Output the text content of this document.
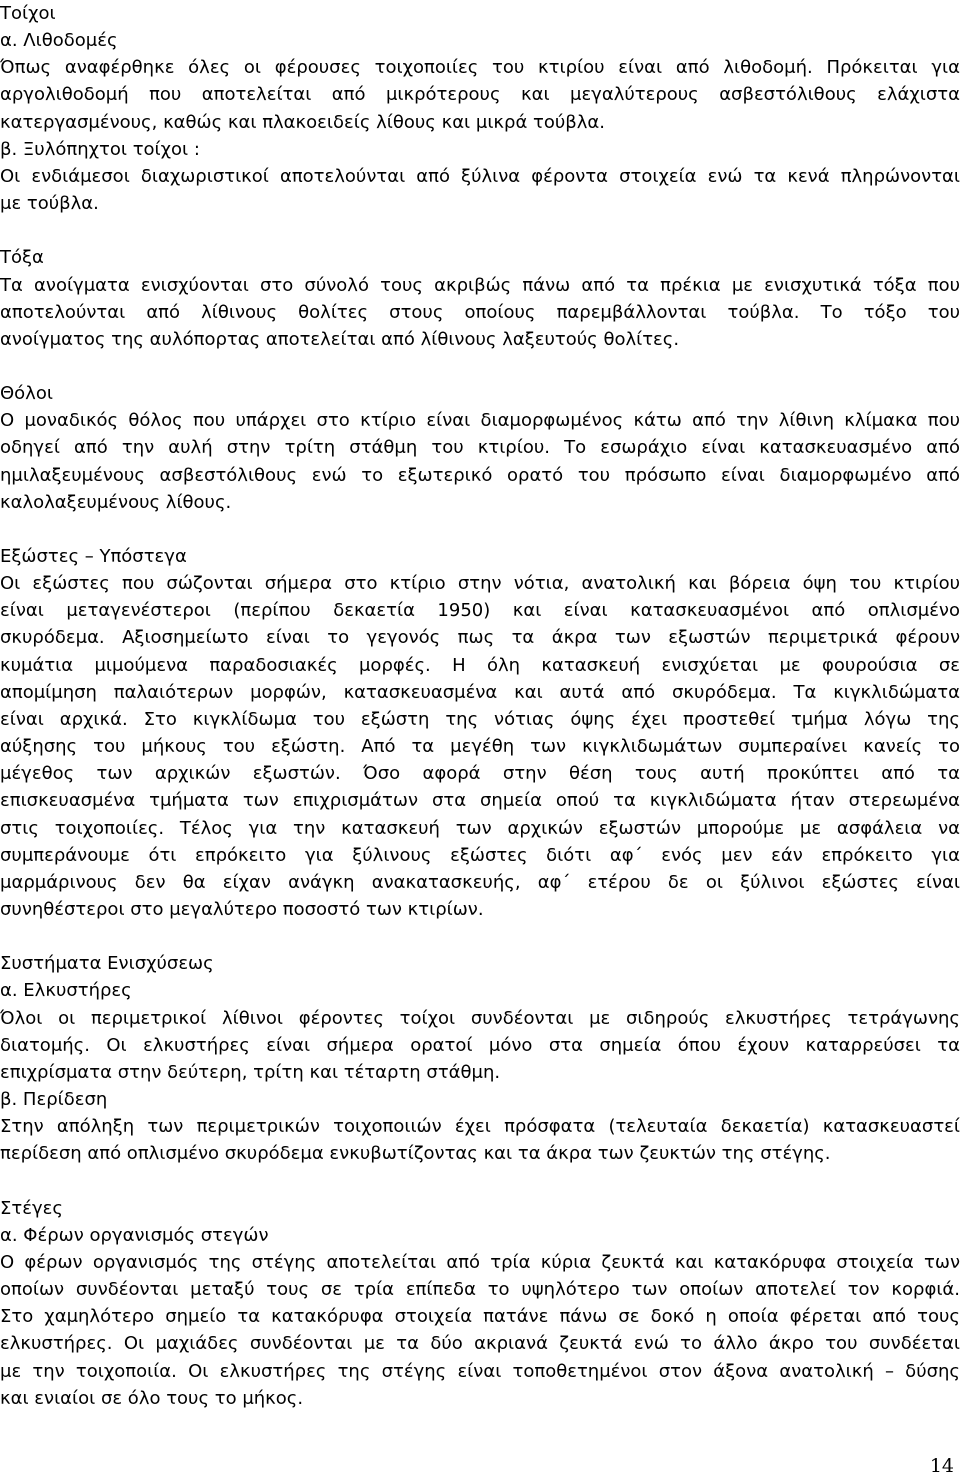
Τοίχοι
α. Λιθοδομές
Όπως αναφέρθηκε όλες οι φέρουσες τοιχοποιίες του κτιρίου είναι από λιθοδομή. Πρόκειται για
αργολιθοδομή που αποτελείται από μικρότερους και μεγαλύτερους ασβεστόλιθους ελάχιστα
κατεργασμένους, καθώς και πλακοειδείς λίθους και μικρά τούβλα.
β. Ξυλόπηχτοι τοίχοι :
Οι ενδιάμεσοι διαχωριστικοί αποτελούνται από ξύλινα φέροντα στοιχεία ενώ τα κενά πληρώνονται
με τούβλα.
Τόξα
Τα ανοίγματα ενισχύονται στο σύνολό τους ακριβώς πάνω από τα πρέκια με ενισχυτικά τόξα που
αποτελούνται από λίθινους θολίτες στους οποίους παρεμβάλλονται τούβλα. Το τόξο του
ανοίγματος της αυλόπορτας αποτελείται από λίθινους λαξευτούς θολίτες.
Θόλοι
Ο μοναδικός θόλος που υπάρχει στο κτίριο είναι διαμορφωμένος κάτω από την λίθινη κλίμακα που
οδηγεί από την αυλή στην τρίτη στάθμη του κτιρίου. Το εσωράχιο είναι κατασκευασμένο από
ημιλαξευμένους ασβεστόλιθους ενώ το εξωτερικό ορατό του πρόσωπο είναι διαμορφωμένο από
καλολαξευμένους λίθους.
Εξώστες – Υπόστεγα
Οι εξώστες που σώζονται σήμερα στο κτίριο στην νότια, ανατολική και βόρεια όψη του κτιρίου
είναι μεταγενέστεροι (περίπου δεκαετία 1950) και είναι κατασκευασμένοι από οπλισμένο
σκυρόδεμα. Αξιοσημείωτο είναι το γεγονός πως τα άκρα των εξωστών περιμετρικά φέρουν
κυμάτια μιμούμενα παραδοσιακές μορφές. Η όλη κατασκευή ενισχύεται με φουρούσια σε
απομίμηση παλαιότερων μορφών, κατασκευασμένα και αυτά από σκυρόδεμα. Τα κιγκλιδώματα
είναι αρχικά. Στο κιγκλίδωμα του εξώστη της νότιας όψης έχει προστεθεί τμήμα λόγω της
αύξησης του μήκους του εξώστη. Από τα μεγέθη των κιγκλιδωμάτων συμπεραίνει κανείς το
μέγεθος των αρχικών εξωστών. Όσο αφορά στην θέση τους αυτή προκύπτει από τα
επισκευασμένα τμήματα των επιχρισμάτων στα σημεία οπού τα κιγκλιδώματα ήταν στερεωμένα
στις τοιχοποιίες. Τέλος για την κατασκευή των αρχικών εξωστών μπορούμε με ασφάλεια να
συμπεράνουμε ότι επρόκειτο για ξύλινους εξώστες διότι αφ΄ ενός μεν εάν επρόκειτο για
μαρμάρινους δεν θα είχαν ανάγκη ανακατασκευής, αφ΄ ετέρου δε οι ξύλινοι εξώστες είναι
συνηθέστεροι στο μεγαλύτερο ποσοστό των κτιρίων.
Συστήματα Ενισχύσεως
α. Ελκυστήρες
Όλοι οι περιμετρικοί λίθινοι φέροντες τοίχοι συνδέονται με σιδηρούς ελκυστήρες τετράγωνης
διατομής. Οι ελκυστήρες είναι σήμερα ορατοί μόνο στα σημεία όπου έχουν καταρρεύσει τα
επιχρίσματα στην δεύτερη, τρίτη και τέταρτη στάθμη.
β. Περίδεση
Στην απόληξη των περιμετρικών τοιχοποιιών έχει πρόσφατα (τελευταία δεκαετία) κατασκευαστεί
περίδεση από οπλισμένο σκυρόδεμα ενκυβωτίζοντας και τα άκρα των ζευκτών της στέγης.
Στέγες
α. Φέρων οργανισμός στεγών
Ο φέρων οργανισμός της στέγης αποτελείται από τρία κύρια ζευκτά και κατακόρυφα στοιχεία των
οποίων συνδέονται μεταξύ τους σε τρία επίπεδα το υψηλότερο των οποίων αποτελεί τον κορφιά.
Στο χαμηλότερο σημείο τα κατακόρυφα στοιχεία πατάνε πάνω σε δοκό η οποία φέρεται από τους
ελκυστήρες. Οι μαχιάδες συνδέονται με τα δύο ακριανά ζευκτά ενώ το άλλο άκρο του συνδέεται
με την τοιχοποιία. Οι ελκυστήρες της στέγης είναι τοποθετημένοι στον άξονα ανατολική – δύσης
και ενιαίοι σε όλο τους το μήκος.
14
